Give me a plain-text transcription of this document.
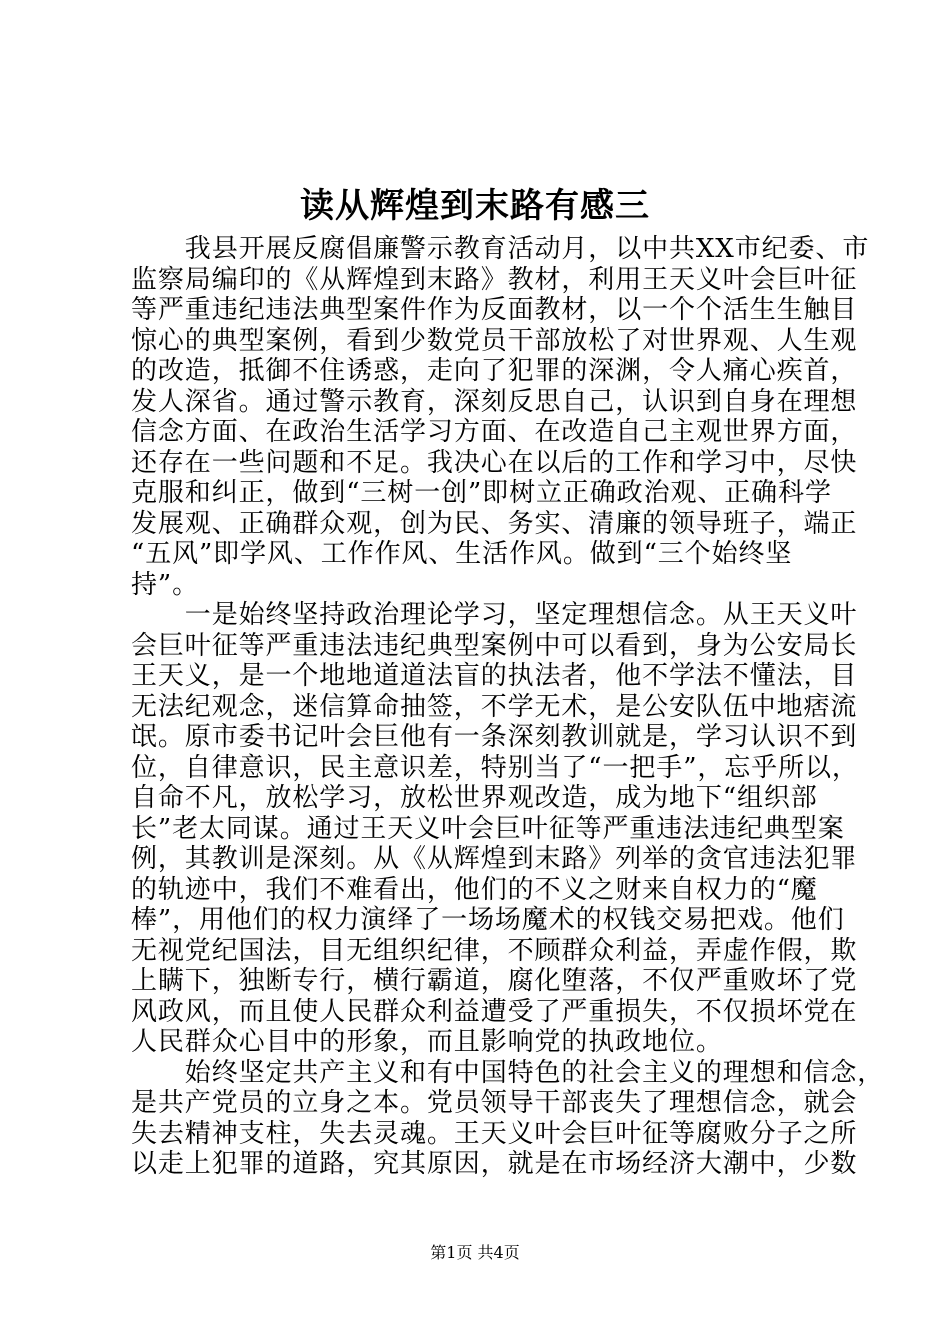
读从辉煌到末路有感三
　　我县开展反腐倡廉警示教育活动月，以中共XX市纪委、市
监察局编印的《从辉煌到末路》教材，利用王天义叶会巨叶征
等严重违纪违法典型案件作为反面教材，以一个个活生生触目
惊心的典型案例，看到少数党员干部放松了对世界观、人生观
的改造，抵御不住诱惑，走向了犯罪的深渊，令人痛心疾首，
发人深省。通过警示教育，深刻反思自己，认识到自身在理想
信念方面、在政治生活学习方面、在改造自己主观世界方面，
还存在一些问题和不足。我决心在以后的工作和学习中，尽快
克服和纠正，做到“三树一创”即树立正确政治观、正确科学
发展观、正确群众观，创为民、务实、清廉的领导班子，端正
“五风”即学风、工作作风、生活作风。做到“三个始终坚
持”。
　　一是始终坚持政治理论学习，坚定理想信念。从王天义叶
会巨叶征等严重违法违纪典型案例中可以看到，身为公安局长
王天义，是一个地地道道法盲的执法者，他不学法不懂法，目
无法纪观念，迷信算命抽签，不学无术，是公安队伍中地痞流
氓。原市委书记叶会巨他有一条深刻教训就是，学习认识不到
位，自律意识，民主意识差，特别当了“一把手”，忘乎所以，
自命不凡，放松学习，放松世界观改造，成为地下“组织部
长”老太同谋。通过王天义叶会巨叶征等严重违法违纪典型案
例，其教训是深刻。从《从辉煌到末路》列举的贪官违法犯罪
的轨迹中，我们不难看出，他们的不义之财来自权力的“魔
棒”，用他们的权力演绎了一场场魔术的权钱交易把戏。他们
无视党纪国法，目无组织纪律，不顾群众利益，弄虚作假，欺
上瞒下，独断专行，横行霸道，腐化堕落，不仅严重败坏了党
风政风，而且使人民群众利益遭受了严重损失，不仅损坏党在
人民群众心目中的形象，而且影响党的执政地位。
　　始终坚定共产主义和有中国特色的社会主义的理想和信念，
是共产党员的立身之本。党员领导干部丧失了理想信念，就会
失去精神支柱，失去灵魂。王天义叶会巨叶征等腐败分子之所
以走上犯罪的道路，究其原因，就是在市场经济大潮中，少数
第1页 共4页
